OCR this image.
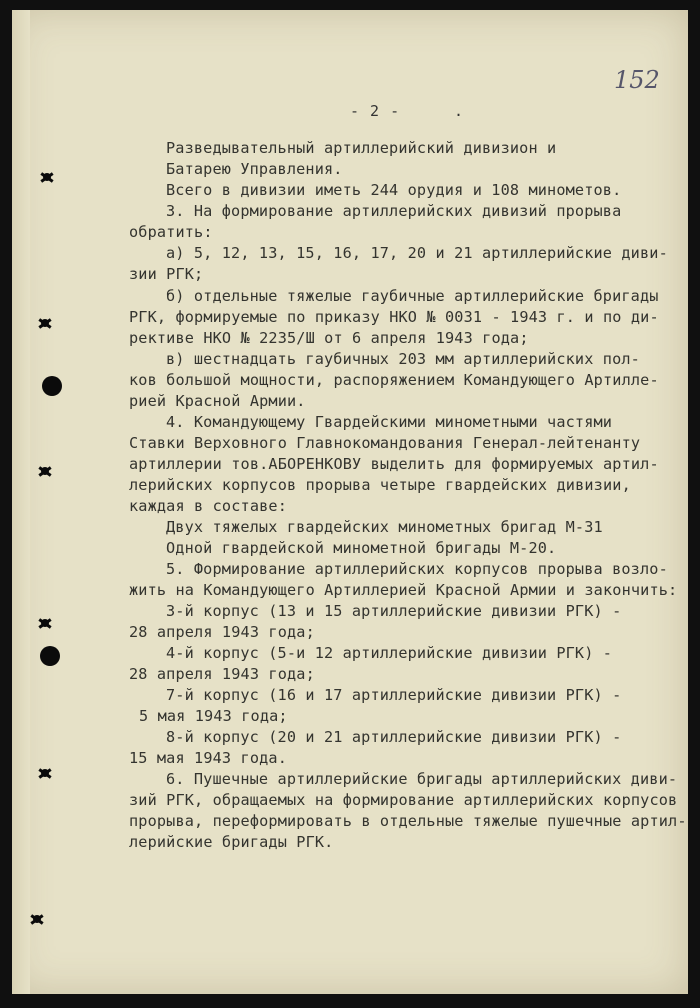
152
- 2 -	.
Разведывательный артиллерийский дивизион и
Батарею Управления.
Всего в дивизии иметь 244 орудия и 108 минометов.
3. На формирование артиллерийских дивизий прорыва
обратить:
а) 5, 12, 13, 15, 16, 17, 20 и 21 артиллерийские диви-
зии РГК;
б) отдельные тяжелые гаубичные артиллерийские бригады
РГК, формируемые по приказу НКО № 0031 - 1943 г. и по ди-
рективе НКО № 2235/Ш от 6 апреля 1943 года;
в) шестнадцать гаубичных 203 мм артиллерийских пол-
ков большой мощности, распоряжением Командующего Артилле-
рией Красной Армии.
4. Командующему Гвардейскими минометными частями
Ставки Верховного Главнокомандования Генерал-лейтенанту
артиллерии тов.АБОРЕНКОВУ выделить для формируемых артил-
лерийских корпусов прорыва четыре гвардейских дивизии,
каждая в составе:
Двух тяжелых гвардейских минометных бригад М-31
Одной гвардейской минометной бригады М-20.
5. Формирование артиллерийских корпусов прорыва возло-
жить на Командующего Артиллерией Красной Армии и закончить:
3-й корпус (13 и 15 артиллерийские дивизии РГК) -
28 апреля 1943 года;
4-й корпус (5-и 12 артиллерийские дивизии РГК) -
28 апреля 1943 года;
7-й корпус (16 и 17 артиллерийские дивизии РГК) -
5 мая 1943 года;
8-й корпус (20 и 21 артиллерийские дивизии РГК) -
15 мая 1943 года.
6. Пушечные артиллерийские бригады артиллерийских диви-
зий РГК, обращаемых на формирование артиллерийских корпусов
прорыва, переформировать в отдельные тяжелые пушечные артил-
лерийские бригады РГК.
